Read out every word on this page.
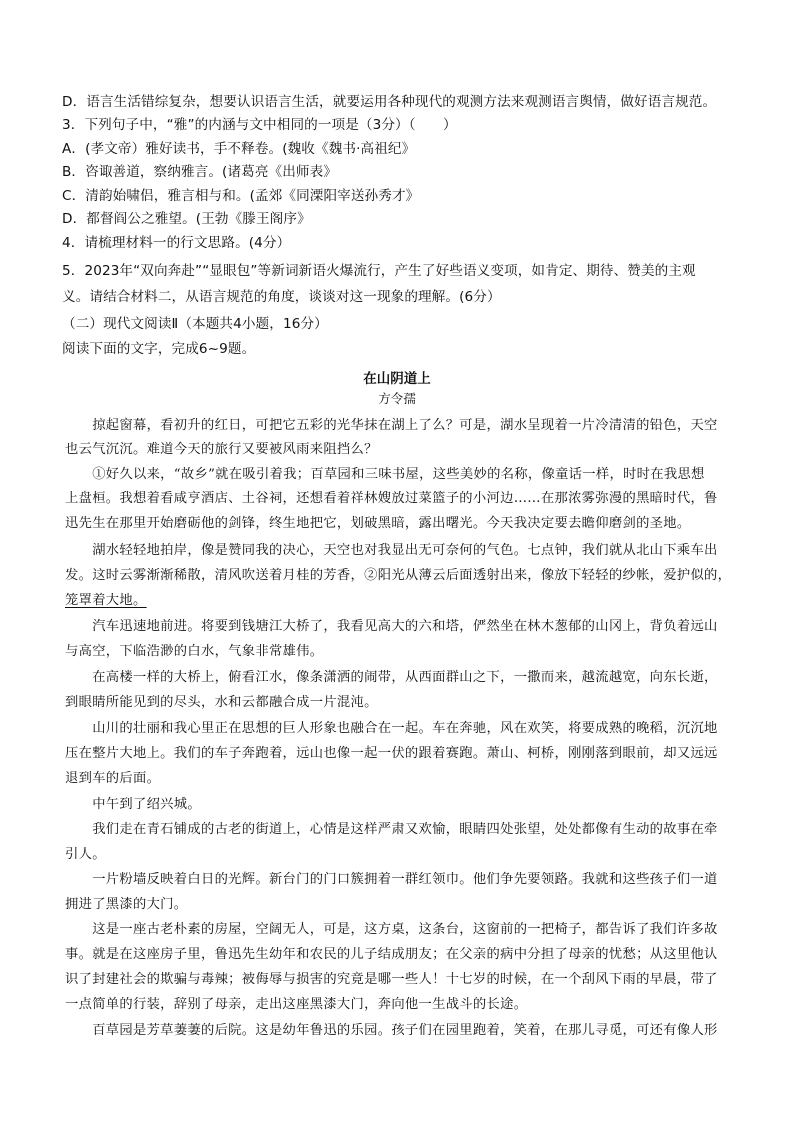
D．语言生活错综复杂，想要认识语言生活，就要运用各种现代的观测方法来观测语言舆情，做好语言规范。
3．下列句子中，“雅”的内涵与文中相同的一项是（3分）（　　）
A．(孝文帝）雅好读书，手不释卷。(魏收《魏书·高祖纪》
B．咨诹善道，察纳雅言。(诸葛亮《出师表》
C．清韵始啸侣，雅言相与和。(孟郊《同溧阳宰送孙秀才》
D．都督阎公之雅望。(王勃《滕王阁序》
4．请梳理材料一的行文思路。(4分）
5．2023年“双向奔赴”“显眼包”等新词新语火爆流行，产生了好些语义变项，如肯定、期待、赞美的主观
义。请结合材料二，从语言规范的角度，谈谈对这一现象的理解。(6分）
（二）现代文阅读Ⅱ（本题共4小题，16分）
阅读下面的文字，完成6~9题。
在山阴道上
方令孺
　　掠起窗幕，看初升的红日，可把它五彩的光华抹在湖上了么？可是，湖水呈现着一片冷清清的铅色，天空
也云气沉沉。难道今天的旅行又要被风雨来阻挡么？
　　①好久以来，“故乡”就在吸引着我；百草园和三味书屋，这些美妙的名称，像童话一样，时时在我思想
上盘桓。我想着看咸亨酒店、土谷祠，还想看着祥林嫂放过菜篮子的小河边……在那浓雾弥漫的黑暗时代，鲁
迅先生在那里开始磨砺他的剑锋，终生地把它，划破黑暗，露出曙光。今天我决定要去瞻仰磨剑的圣地。
　　湖水轻轻地拍岸，像是赞同我的决心，天空也对我显出无可奈何的气色。七点钟，我们就从北山下乘车出
发。这时云雾渐渐稀散，清风吹送着月桂的芳香，②阳光从薄云后面透射出来，像放下轻轻的纱帐，爱护似的，
笼罩着大地。
　　汽车迅速地前进。将要到钱塘江大桥了，我看见高大的六和塔，俨然坐在林木葱郁的山冈上，背负着远山
与高空，下临浩渺的白水，气象非常雄伟。
　　在高楼一样的大桥上，俯看江水，像条潇洒的闹带，从西面群山之下，一撒而来，越流越宽，向东长逝，
到眼睛所能见到的尽头，水和云都融合成一片混沌。
　　山川的壮丽和我心里正在思想的巨人形象也融合在一起。车在奔驰，风在欢笑，将要成熟的晚稻，沉沉地
压在整片大地上。我们的车子奔跑着，远山也像一起一伏的跟着赛跑。萧山、柯桥，刚刚落到眼前，却又远远
退到车的后面。
　　中午到了绍兴城。
　　我们走在青石铺成的古老的街道上，心情是这样严肃又欢愉，眼睛四处张望，处处都像有生动的故事在牵
引人。
　　一片粉墙反映着白日的光辉。新台门的门口簇拥着一群红领巾。他们争先要领路。我就和这些孩子们一道
拥进了黑漆的大门。
　　这是一座古老朴素的房屋，空阔无人，可是，这方桌，这条台，这窗前的一把椅子，都告诉了我们许多故
事。就是在这座房子里，鲁迅先生幼年和农民的儿子结成朋友；在父亲的病中分担了母亲的忧愁；从这里他认
识了封建社会的欺骗与毒辣；被侮辱与损害的究竟是哪一些人！十七岁的时候，在一个刮风下雨的早晨，带了
一点简单的行装，辞别了母亲，走出这座黑漆大门，奔向他一生战斗的长途。
　　百草园是芳草萋萋的后院。这是幼年鲁迅的乐园。孩子们在园里跑着，笑着，在那儿寻觅，可还有像人形
